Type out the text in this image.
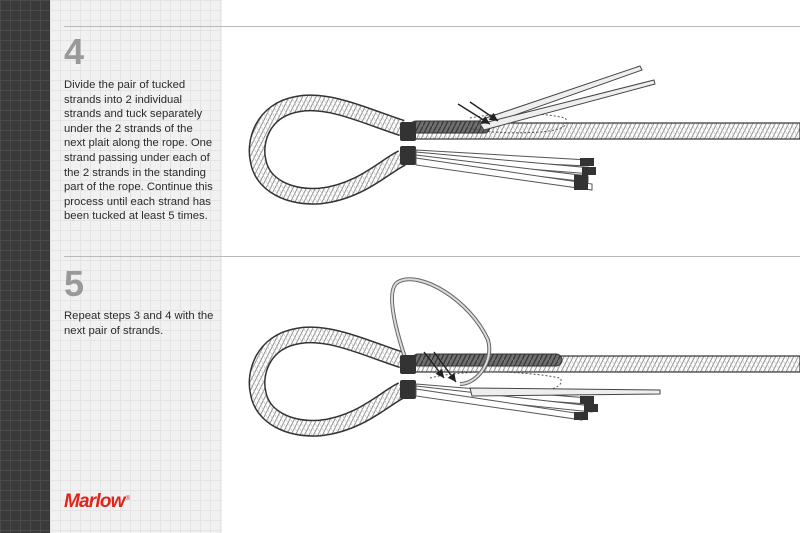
4
Divide the pair of tucked strands into 2 individual strands and tuck separately under the 2 strands of the next plait along the rope. One strand passing under each of the 2 strands in the standing part of the rope. Continue this process until each strand has been tucked at least 5 times.
5
Repeat steps 3 and 4 with the next pair of strands.
Marlow®
